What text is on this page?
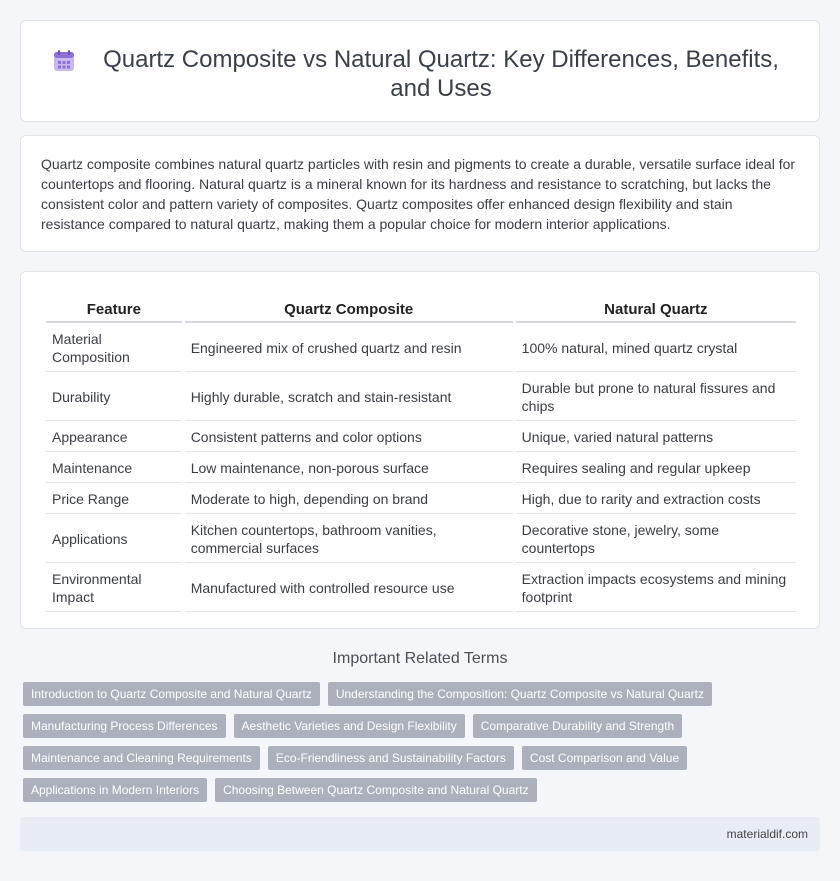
Quartz Composite vs Natural Quartz: Key Differences, Benefits, and Uses

Quartz composite combines natural quartz particles with resin and pigments to create a durable, versatile surface ideal for countertops and flooring. Natural quartz is a mineral known for its hardness and resistance to scratching, but lacks the consistent color and pattern variety of composites. Quartz composites offer enhanced design flexibility and stain resistance compared to natural quartz, making them a popular choice for modern interior applications.

Feature	Quartz Composite	Natural Quartz
Material Composition	Engineered mix of crushed quartz and resin	100% natural, mined quartz crystal
Durability	Highly durable, scratch and stain-resistant	Durable but prone to natural fissures and chips
Appearance	Consistent patterns and color options	Unique, varied natural patterns
Maintenance	Low maintenance, non-porous surface	Requires sealing and regular upkeep
Price Range	Moderate to high, depending on brand	High, due to rarity and extraction costs
Applications	Kitchen countertops, bathroom vanities, commercial surfaces	Decorative stone, jewelry, some countertops
Environmental Impact	Manufactured with controlled resource use	Extraction impacts ecosystems and mining footprint
Important Related Terms
Introduction to Quartz Composite and Natural Quartz	Understanding the Composition: Quartz Composite vs Natural Quartz
Manufacturing Process Differences	Aesthetic Varieties and Design Flexibility	Comparative Durability and Strength
Maintenance and Cleaning Requirements	Eco-Friendliness and Sustainability Factors	Cost Comparison and Value
Applications in Modern Interiors	Choosing Between Quartz Composite and Natural Quartz
materialdif.com
